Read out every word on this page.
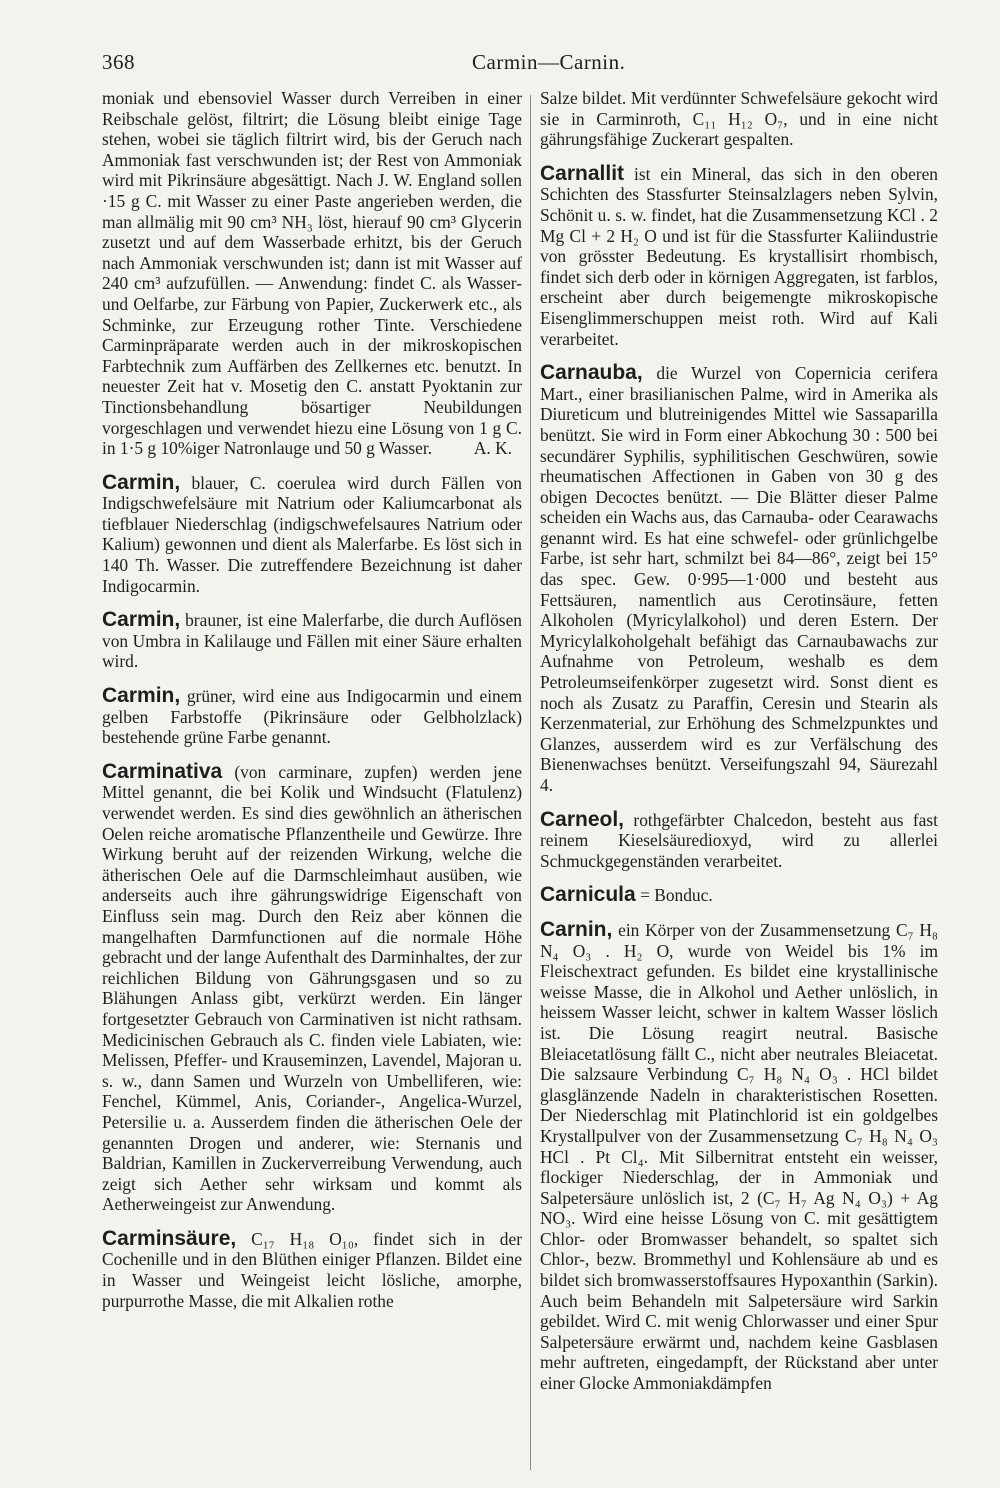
368	Carmin—Carnin.

moniak und ebensoviel Wasser durch Verreiben in einer Reibschale gelöst, filtrirt; die Lösung bleibt einige Tage stehen, wobei sie täglich filtrirt wird, bis der Geruch nach Ammoniak fast verschwunden ist; der Rest von Ammoniak wird mit Pikrinsäure abgesättigt. Nach J. W. England sollen ·15 g C. mit Wasser zu einer Paste angerieben werden, die man allmälig mit 90 cm³ NH₃ löst, hierauf 90 cm³ Glycerin zusetzt und auf dem Wasserbade erhitzt, bis der Geruch nach Ammoniak verschwunden ist; dann ist mit Wasser auf 240 cm³ aufzufüllen. — Anwendung: findet C. als Wasser- und Oelfarbe, zur Färbung von Papier, Zuckerwerk etc., als Schminke, zur Erzeugung rother Tinte. Verschiedene Carminpräparate werden auch in der mikroskopischen Farbtechnik zum Auffärben des Zellkernes etc. benutzt. In neuester Zeit hat v. Mosetig den C. anstatt Pyoktanin zur Tinctionsbehandlung bösartiger Neubildungen vorgeschlagen und verwendet hiezu eine Lösung von 1 g C. in 1·5 g 10%iger Natronlauge und 50 g Wasser. A. K.

Carmin, blauer, C. coerulea wird durch Fällen von Indigschwefelsäure mit Natrium oder Kaliumcarbonat als tiefblauer Niederschlag (indigschwefelsaures Natrium oder Kalium) gewonnen und dient als Malerfarbe. Es löst sich in 140 Th. Wasser. Die zutreffendere Bezeichnung ist daher Indigocarmin.

Carmin, brauner, ist eine Malerfarbe, die durch Auflösen von Umbra in Kalilauge und Fällen mit einer Säure erhalten wird.

Carmin, grüner, wird eine aus Indigocarmin und einem gelben Farbstoffe (Pikrinsäure oder Gelbholzlack) bestehende grüne Farbe genannt.

Carminativa (von carminare, zupfen) werden jene Mittel genannt, die bei Kolik und Windsucht (Flatulenz) verwendet werden. Es sind dies gewöhnlich an ätherischen Oelen reiche aromatische Pflanzentheile und Gewürze. Ihre Wirkung beruht auf der reizenden Wirkung, welche die ätherischen Oele auf die Darmschleimhaut ausüben, wie anderseits auch ihre gährungswidrige Eigenschaft von Einfluss sein mag. Durch den Reiz aber können die mangelhaften Darmfunctionen auf die normale Höhe gebracht und der lange Aufenthalt des Darminhaltes, der zur reichlichen Bildung von Gährungsgasen und so zu Blähungen Anlass gibt, verkürzt werden. Ein länger fortgesetzter Gebrauch von Carminativen ist nicht rathsam. Medicinischen Gebrauch als C. finden viele Labiaten, wie: Melissen, Pfeffer- und Krauseminzen, Lavendel, Majoran u. s. w., dann Samen und Wurzeln von Umbelliferen, wie: Fenchel, Kümmel, Anis, Coriander-, Angelica-Wurzel, Petersilie u. a. Ausserdem finden die ätherischen Oele der genannten Drogen und anderer, wie: Sternanis und Baldrian, Kamillen in Zuckerverreibung Verwendung, auch zeigt sich Aether sehr wirksam und kommt als Aetherweingeist zur Anwendung.

Carminsäure, C₁₇ H₁₈ O₁₀, findet sich in der Cochenille und in den Blüthen einiger Pflanzen. Bildet eine in Wasser und Weingeist leicht lösliche, amorphe, purpurrothe Masse, die mit Alkalien rothe

Salze bildet. Mit verdünnter Schwefelsäure gekocht wird sie in Carminroth, C₁₁ H₁₂ O₇, und in eine nicht gährungsfähige Zuckerart gespalten.

Carnallit ist ein Mineral, das sich in den oberen Schichten des Stassfurter Steinsalzlagers neben Sylvin, Schönit u. s. w. findet, hat die Zusammensetzung KCl . 2 Mg Cl + 2 H₂ O und ist für die Stassfurter Kaliindustrie von grösster Bedeutung. Es krystallisirt rhombisch, findet sich derb oder in körnigen Aggregaten, ist farblos, erscheint aber durch beigemengte mikroskopische Eisenglimmerschuppen meist roth. Wird auf Kali verarbeitet.

Carnauba, die Wurzel von Copernicia cerifera Mart., einer brasilianischen Palme, wird in Amerika als Diureticum und blutreinigendes Mittel wie Sassaparilla benützt. Sie wird in Form einer Abkochung 30 : 500 bei secundärer Syphilis, syphilitischen Geschwüren, sowie rheumatischen Affectionen in Gaben von 30 g des obigen Decoctes benützt. — Die Blätter dieser Palme scheiden ein Wachs aus, das Carnauba- oder Cearawachs genannt wird. Es hat eine schwefel- oder grünlichgelbe Farbe, ist sehr hart, schmilzt bei 84—86°, zeigt bei 15° das spec. Gew. 0·995—1·000 und besteht aus Fettsäuren, namentlich aus Cerotinsäure, fetten Alkoholen (Myricylalkohol) und deren Estern. Der Myricylalkoholgehalt befähigt das Carnaubawachs zur Aufnahme von Petroleum, weshalb es dem Petroleumseifenkörper zugesetzt wird. Sonst dient es noch als Zusatz zu Paraffin, Ceresin und Stearin als Kerzenmaterial, zur Erhöhung des Schmelzpunktes und Glanzes, ausserdem wird es zur Verfälschung des Bienenwachses benützt. Verseifungszahl 94, Säurezahl 4.

Carneol, rothgefärbter Chalcedon, besteht aus fast reinem Kieselsäuredioxyd, wird zu allerlei Schmuckgegenständen verarbeitet.

Carnicula = Bonduc.

Carnin, ein Körper von der Zusammensetzung C₇ H₈ N₄ O₃ . H₂ O, wurde von Weidel bis 1% im Fleischextract gefunden. Es bildet eine krystallinische weisse Masse, die in Alkohol und Aether unlöslich, in heissem Wasser leicht, schwer in kaltem Wasser löslich ist. Die Lösung reagirt neutral. Basische Bleiacetatlösung fällt C., nicht aber neutrales Bleiacetat. Die salzsaure Verbindung C₇ H₈ N₄ O₃ . HCl bildet glasglänzende Nadeln in charakteristischen Rosetten. Der Niederschlag mit Platinchlorid ist ein goldgelbes Krystallpulver von der Zusammensetzung C₇ H₈ N₄ O₃ HCl . Pt Cl₄. Mit Silbernitrat entsteht ein weisser, flockiger Niederschlag, der in Ammoniak und Salpetersäure unlöslich ist, 2 (C₇ H₇ Ag N₄ O₃) + Ag NO₃. Wird eine heisse Lösung von C. mit gesättigtem Chlor- oder Bromwasser behandelt, so spaltet sich Chlor-, bezw. Brommethyl und Kohlensäure ab und es bildet sich bromwasserstoffsaures Hypoxanthin (Sarkin). Auch beim Behandeln mit Salpetersäure wird Sarkin gebildet. Wird C. mit wenig Chlorwasser und einer Spur Salpetersäure erwärmt und, nachdem keine Gasblasen mehr auftreten, eingedampft, der Rückstand aber unter einer Glocke Ammoniakdämpfen
